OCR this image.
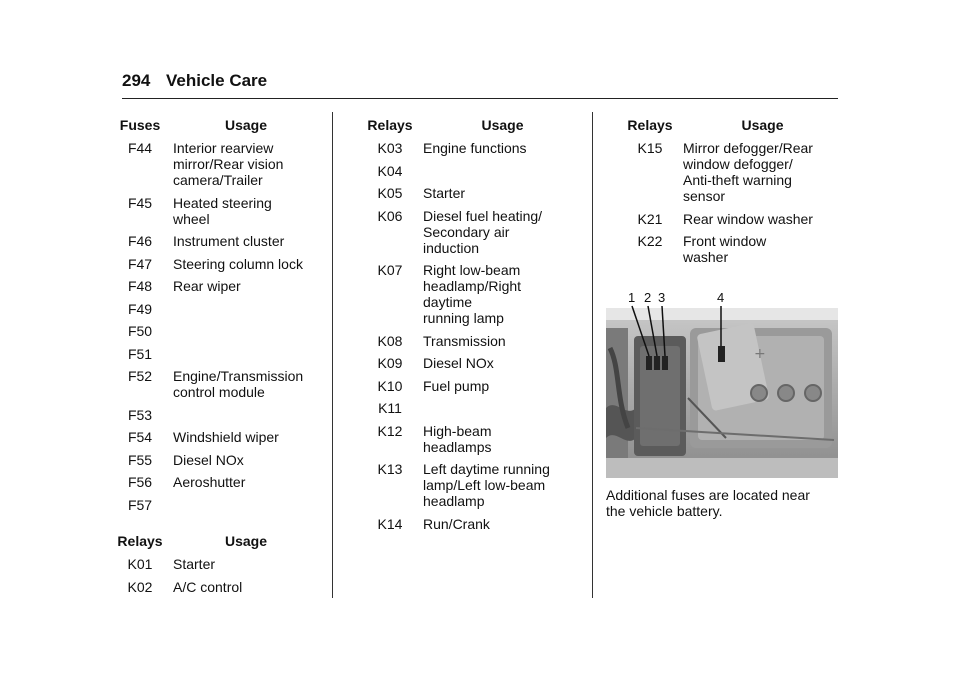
294 Vehicle Care
Fuses	Usage
F44	Interior rearview
mirror/Rear vision
camera/Trailer
F45	Heated steering
wheel
F46	Instrument cluster
F47	Steering column lock
F48	Rear wiper
F49
F50
F51
F52	Engine/Transmission
control module
F53
F54	Windshield wiper
F55	Diesel NOx
F56	Aeroshutter
F57
Relays	Usage
K01	Starter
K02	A/C control
Relays	Usage
K03	Engine functions
K04
K05	Starter
K06	Diesel fuel heating/
Secondary air
induction
K07	Right low-beam
headlamp/Right
daytime
running lamp
K08	Transmission
K09	Diesel NOx
K10	Fuel pump
K11
K12	High-beam
headlamps
K13	Left daytime running
lamp/Left low-beam
headlamp
K14	Run/Crank
Relays	Usage
K15	Mirror defogger/Rear
window defogger/
Anti-theft warning
sensor
K21	Rear window washer
K22	Front window
washer
+
1 2 3	4
Additional fuses are located near
the vehicle battery.
